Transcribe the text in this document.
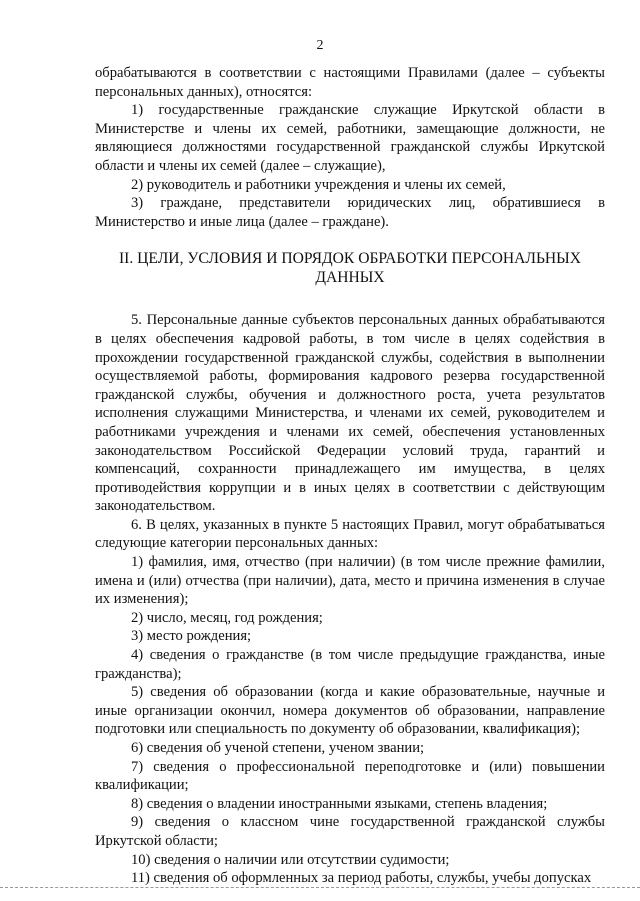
2

обрабатываются в соответствии с настоящими Правилами (далее – субъекты персональных данных), относятся:

1) государственные гражданские служащие Иркутской области в Министерстве и члены их семей, работники, замещающие должности, не являющиеся должностями государственной гражданской службы Иркутской области и члены их семей (далее – служащие),

2) руководитель и работники учреждения и члены их семей,

3) граждане, представители юридических лиц, обратившиеся в Министерство и иные лица (далее – граждане).

II. ЦЕЛИ, УСЛОВИЯ И ПОРЯДОК ОБРАБОТКИ ПЕРСОНАЛЬНЫХ ДАННЫХ

5. Персональные данные субъектов персональных данных обрабатываются в целях обеспечения кадровой работы, в том числе в целях содействия в прохождении государственной гражданской службы, содействия в выполнении осуществляемой работы, формирования кадрового резерва государственной гражданской службы, обучения и должностного роста, учета результатов исполнения служащими Министерства, и членами их семей, руководителем и работниками учреждения и членами их семей, обеспечения установленных законодательством Российской Федерации условий труда, гарантий и компенсаций, сохранности принадлежащего им имущества, в целях противодействия коррупции и в иных целях в соответствии с действующим законодательством.

6. В целях, указанных в пункте 5 настоящих Правил, могут обрабатываться следующие категории персональных данных:

1) фамилия, имя, отчество (при наличии) (в том числе прежние фамилии, имена и (или) отчества (при наличии), дата, место и причина изменения в случае их изменения);

2) число, месяц, год рождения;

3) место рождения;

4) сведения о гражданстве (в том числе предыдущие гражданства, иные гражданства);

5) сведения об образовании (когда и какие образовательные, научные и иные организации окончил, номера документов об образовании, направление подготовки или специальность по документу об образовании, квалификация);

6) сведения об ученой степени, ученом звании;

7) сведения о профессиональной переподготовке и (или) повышении квалификации;

8) сведения о владении иностранными языками, степень владения;

9) сведения о классном чине государственной гражданской службы Иркутской области;

10) сведения о наличии или отсутствии судимости;

11) сведения об оформленных за период работы, службы, учебы допусках
